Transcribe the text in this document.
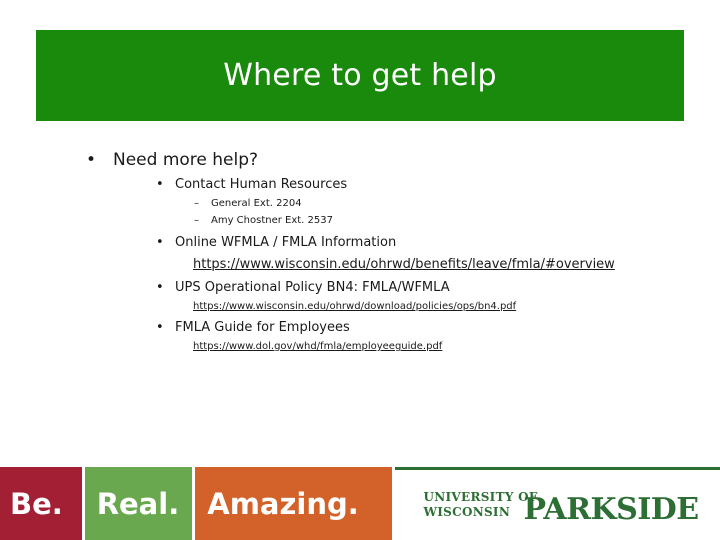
Where to get help
• Need more help?
• Contact Human Resources
– General Ext. 2204
– Amy Chostner Ext. 2537
• Online WFMLA / FMLA Information
https://www.wisconsin.edu/ohrwd/benefits/leave/fmla/#overview
• UPS Operational Policy BN4: FMLA/WFMLA
https://www.wisconsin.edu/ohrwd/download/policies/ops/bn4.pdf
• FMLA Guide for Employees
https://www.dol.gov/whd/fmla/employeeguide.pdf
Be. Real. Amazing.	UNIVERSITY OF
WISCONSIN PARKSIDE
